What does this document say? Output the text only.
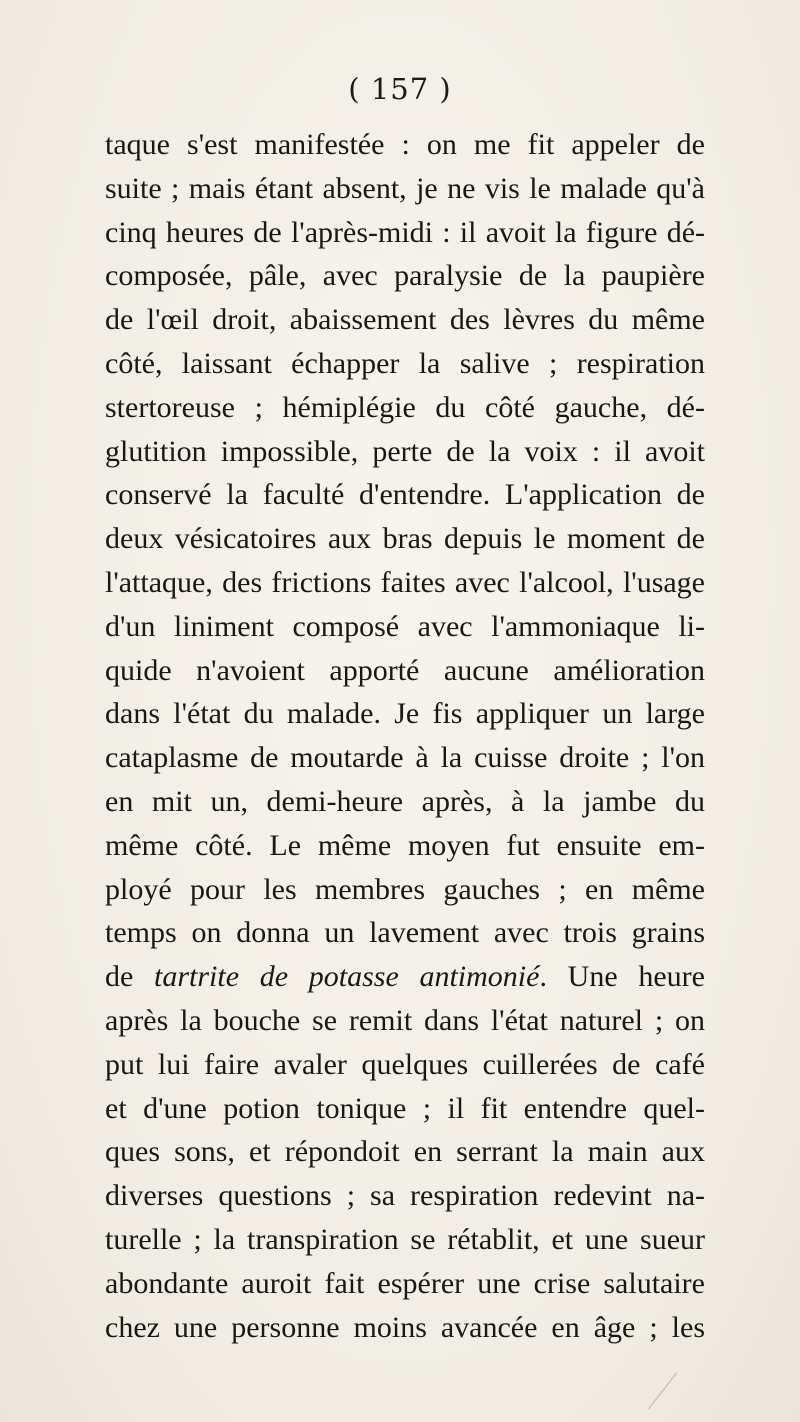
( 157 )
taque s'est manifestée : on me fit appeler de
suite ; mais étant absent, je ne vis le malade qu'à
cinq heures de l'après-midi : il avoit la figure dé-
composée, pâle, avec paralysie de la paupière
de l'œil droit, abaissement des lèvres du même
côté, laissant échapper la salive ; respiration
stertoreuse ; hémiplégie du côté gauche, dé-
glutition impossible, perte de la voix : il avoit
conservé la faculté d'entendre. L'application de
deux vésicatoires aux bras depuis le moment de
l'attaque, des frictions faites avec l'alcool, l'usage
d'un liniment composé avec l'ammoniaque li-
quide n'avoient apporté aucune amélioration
dans l'état du malade. Je fis appliquer un large
cataplasme de moutarde à la cuisse droite ; l'on
en mit un, demi-heure après, à la jambe du
même côté. Le même moyen fut ensuite em-
ployé pour les membres gauches ; en même
temps on donna un lavement avec trois grains
de tartrite de potasse antimonié. Une heure
après la bouche se remit dans l'état naturel ; on
put lui faire avaler quelques cuillerées de café
et d'une potion tonique ; il fit entendre quel-
ques sons, et répondoit en serrant la main aux
diverses questions ; sa respiration redevint na-
turelle ; la transpiration se rétablit, et une sueur
abondante auroit fait espérer une crise salutaire
chez une personne moins avancée en âge ; les
